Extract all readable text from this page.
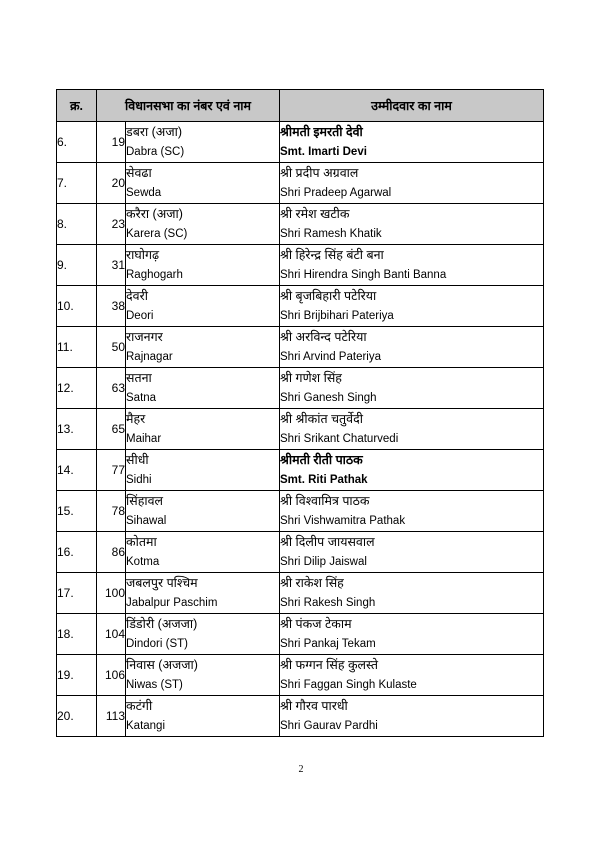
क्र.	विधानसभा का नंबर एवं नाम		उम्मीदवार का नाम
6.	19	डबरा (अजा)
Dabra (SC)	श्रीमती इमरती देवी
Smt. Imarti Devi

7.	20	सेवढा
Sewda	श्री प्रदीप अग्रवाल
Shri Pradeep Agarwal

8.	23	करैरा (अजा)
Karera (SC)	श्री रमेश खटीक
Shri Ramesh Khatik

9.	31	राघोगढ़
Raghogarh	श्री हिरेन्द्र सिंह बंटी बना
Shri Hirendra Singh Banti Banna

10.	38	देवरी
Deori	श्री बृजबिहारी पटेरिया
Shri Brijbihari Pateriya

11.	50	राजनगर
Rajnagar	श्री अरविन्द पटेरिया
Shri Arvind Pateriya

12.	63	सतना
Satna	श्री गणेश सिंह
Shri Ganesh Singh

13.	65	मैहर
Maihar	श्री श्रीकांत चतुर्वेदी
Shri Srikant Chaturvedi

14.	77	सीधी
Sidhi	श्रीमती रीती पाठक
Smt. Riti Pathak

15.	78	सिंहावल
Sihawal	श्री विश्वामित्र पाठक
Shri Vishwamitra Pathak

16.	86	कोतमा
Kotma	श्री दिलीप जायसवाल
Shri Dilip Jaiswal

17.	100	जबलपुर पश्चिम
Jabalpur Paschim	श्री राकेश सिंह
Shri Rakesh Singh

18.	104	डिंडोरी (अजजा)
Dindori (ST)	श्री पंकज टेकाम
Shri Pankaj Tekam

19.	106	निवास (अजजा)
Niwas (ST)	श्री फग्गन सिंह कुलस्ते
Shri Faggan Singh Kulaste

20.	113	कटंगी
Katangi	श्री गौरव पारधी
Shri Gaurav Pardhi
2
